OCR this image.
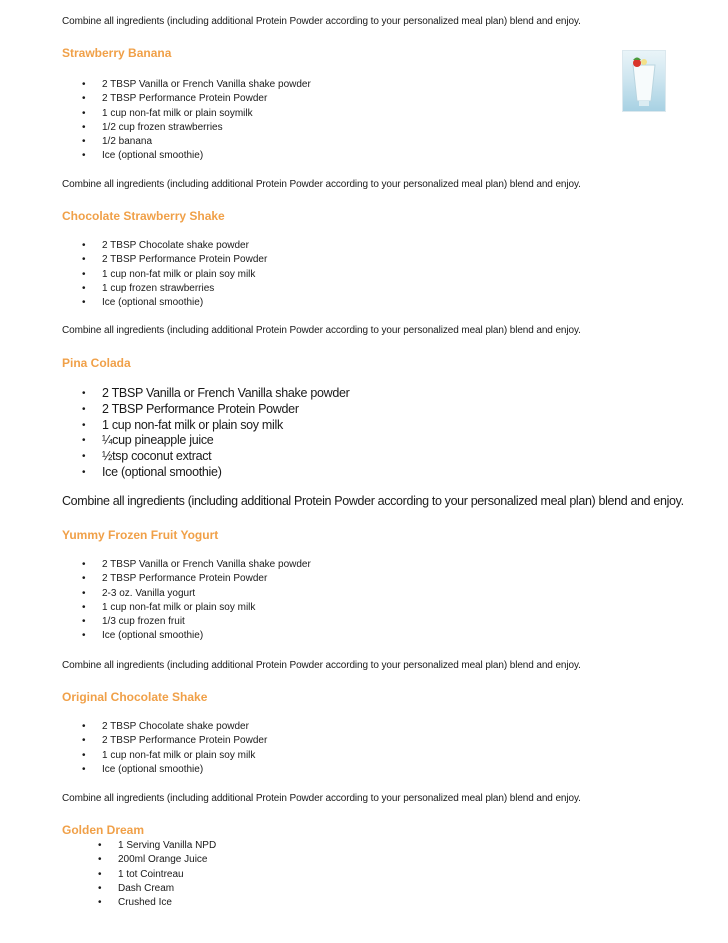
Combine all ingredients (including additional Protein Powder according to your personalized meal plan) blend and enjoy.
Strawberry Banana
• 2 TBSP Vanilla or French Vanilla shake powder
• 2 TBSP Performance Protein Powder
• 1 cup non-fat milk or plain soymilk
• 1/2 cup frozen strawberries
• 1/2 banana
• Ice (optional smoothie)
Combine all ingredients (including additional Protein Powder according to your personalized meal plan) blend and enjoy.
Chocolate Strawberry Shake
• 2 TBSP Chocolate shake powder
• 2 TBSP Performance Protein Powder
• 1 cup non-fat milk or plain soy milk
• 1 cup frozen strawberries
• Ice (optional smoothie)
Combine all ingredients (including additional Protein Powder according to your personalized meal plan) blend and enjoy.
Pina Colada
• 2 TBSP Vanilla or French Vanilla shake powder
• 2 TBSP Performance Protein Powder
• 1 cup non-fat milk or plain soy milk
• ¼cup pineapple juice
• ½tsp coconut extract
• Ice (optional smoothie)
Combine all ingredients (including additional Protein Powder according to your personalized meal plan) blend and enjoy.
Yummy Frozen Fruit Yogurt
• 2 TBSP Vanilla or French Vanilla shake powder
• 2 TBSP Performance Protein Powder
• 2-3 oz. Vanilla yogurt
• 1 cup non-fat milk or plain soy milk
• 1/3 cup frozen fruit
• Ice (optional smoothie)
Combine all ingredients (including additional Protein Powder according to your personalized meal plan) blend and enjoy.
Original Chocolate Shake
• 2 TBSP Chocolate shake powder
• 2 TBSP Performance Protein Powder
• 1 cup non-fat milk or plain soy milk
• Ice (optional smoothie)
Combine all ingredients (including additional Protein Powder according to your personalized meal plan) blend and enjoy.
Golden Dream
• 1 Serving Vanilla NPD
• 200ml Orange Juice
• 1 tot Cointreau
• Dash Cream
• Crushed Ice
